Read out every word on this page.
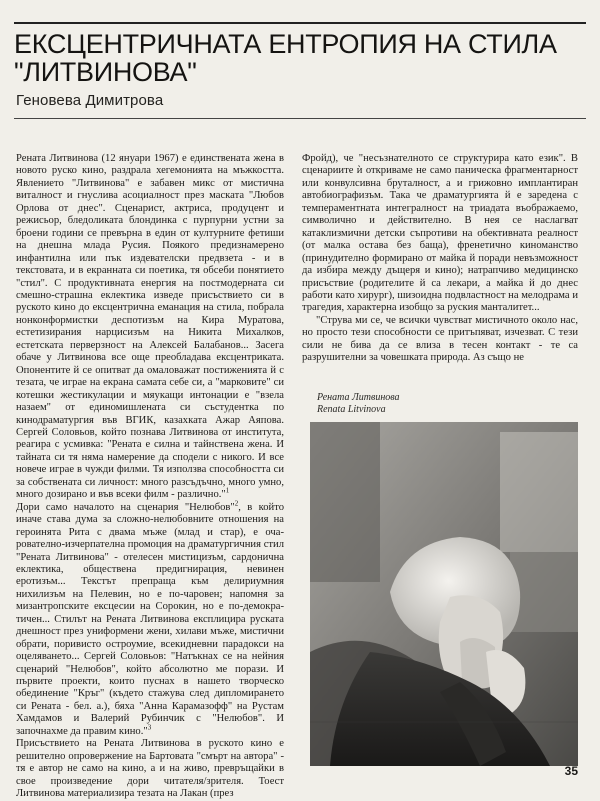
ЕКСЦЕНТРИЧНАТА ЕНТРОПИЯ НА СТИЛА
"ЛИТВИНОВА"
Геновева Димитрова

Рената Литвинова (12 януари 1967) е единствената жена в новото руско кино, раздрала хегемонията на мъжкостта. Явлението "Литвинова" е забавен микс от мистична виталност и гнуслива асоциалност през маската "Любов Орлова от днес". Сценарист, актриса, продуцент и режисьор, бледоликата блондинка с пурпурни устни за броени години се превърна в един от културните фетиши на днешна млада Русия. Поякого предизнамерено инфантилна или пък издевателски предвзета - и в текстовата, и в екранната си поетика, тя обсеби понятието "стил". С продуктивната енергия на постмодерната си смешно-страшна еклектика изведе присъствието си в руското кино до ексцентрична еманация на стила, побрала нонконформистки деспотизъм на Кира Муратова, естетизирания нарцисизъм на Никита Михалков, естетската перверзност на Алексей Балабанов... Засега обаче у Литвинова все още преобладава ексцентриката. Опонентите й се опитват да омаловажат постиженията й с тезата, че играе на екрана самата себе си, а "марковите" си котешки жестикулации и мяукащи интонации е "взела назаем" от единомишлената си състудентка по кинодраматургия във ВГИК, казахката Ажар Аяпова. Сергей Соловьов, който познава Литвинова от института, реагира с усмивка: "Рената е силна и тайнствена жена. И тайната си тя няма намерение да сподели с никого. И все новече играе в чужди филми. Тя използва способността си за собствената си личност: много разсъдъчно, много умно, много дозирано и във всеки филм - различно."$^1$

Дори само началото на сценария "Нелюбов"$^2$, в който иначе става дума за сложно-нелюбовните отношения на героинята Рита с двама мъже (млад и стар), е очарователно-изчерпателна промоция на драматургичния стил "Рената Литвинова" - отелесен мистицизъм, сардонична еклектика, обществена предигнирация, невинен еротизъм... Текстът препраща към делириумния нихилизъм на Пелевин, но е по-чаровен; напомня за мизантропските ексцесии на Сорокин, но е по-демократичен... Стилът на Рената Литвинова експлицира руската днешност през униформени жени, хилави мъже, мистични обрати, поривисто остроумие, всекидневни парадокси на оцеляването... Сергей Соловьов: "Натъкнах се на нейния сценарий "Нелюбов", който абсолютно ме порази. И първите проекти, които пуснах в нашето творческо обединение "Кръг" (където стажува след дипломирането си Рената - бел. а.), бяха "Анна Карамазофф" на Рустам Хамдамов и Валерий Рубинчик с "Нелюбов". И започнахме да правим кино."$^3$

Присъствието на Рената Литвинова в руското кино е решително опровержение на Бартовата "смърт на автора" - тя е автор не само на кино, а и на живо, превръщайки в свое произведение дори читателя/зрителя. Тоест Литвинова материализира тезата на Лакан (през

Фройд), че "несъзнателното се структурира като език". В сценариите ѝ откриваме не само паническа фрагментарност или конвулсивна бруталност, а и грижовно имплантиран автобиографизъм. Така че драматургията й е заредена с темпераментната интегралност на триадата въображаемо, символично и действително. В нея се наслагват катаклизмични детски съпротиви на обективната реалност (от малка остава без баща), френетично киноманство (принудително формирано от майка й поради невъзможност да избира между дъщеря и кино); натрапчиво медицинско присъствие (родителите й са лекари, а майка й до днес работи като хирург), шизоидна подвластност на мелодрама и трагедия, характерна изобщо за руския манталитет...

"Струва ми се, че всички чувстват мистичното около нас, но просто тези способности се притъпяват, изчезват. С тези сили не бива да се влиза в тесен контакт - те са разрушителни за човешката природа. Аз също не

Рената Литвинова
Renata Litvinova
35
